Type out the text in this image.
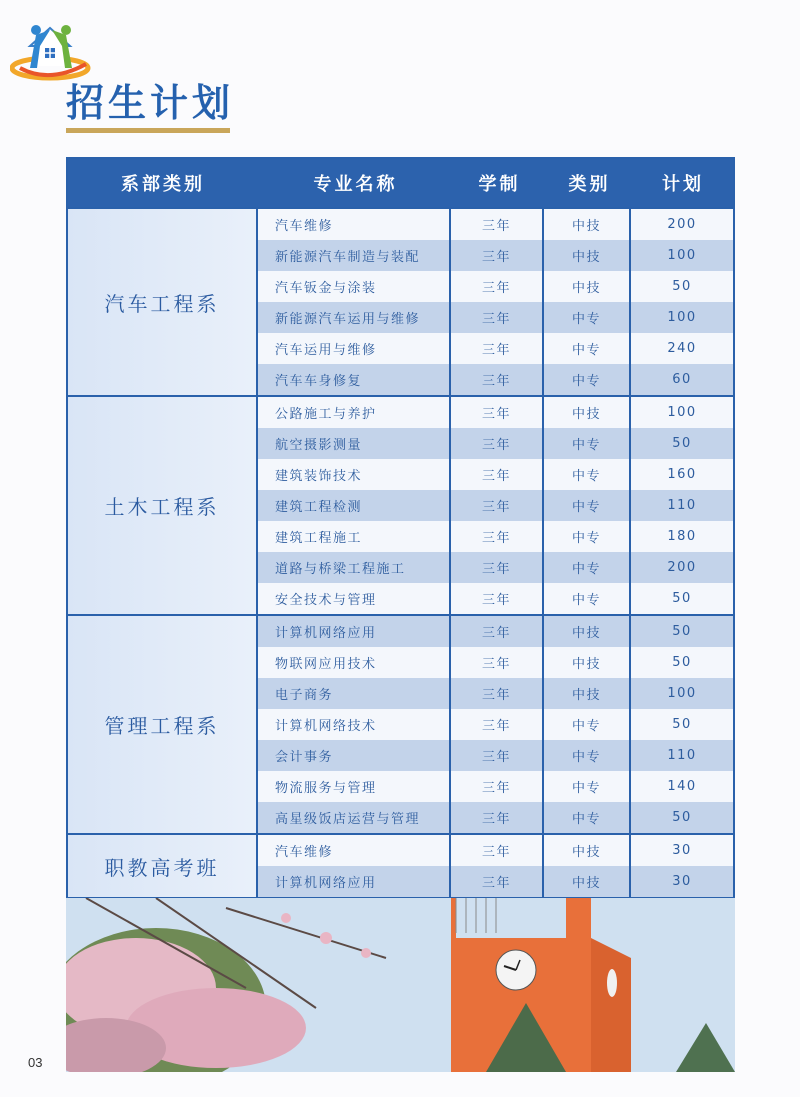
招生计划
系部类别	专业名称	学制	类别	计划
汽车工程系
汽车维修	三年	中技	200
新能源汽车制造与装配	三年	中技	100
汽车钣金与涂装	三年	中技	50
新能源汽车运用与维修	三年	中专	100
汽车运用与维修	三年	中专	240
汽车车身修复	三年	中专	60
土木工程系
公路施工与养护	三年	中技	100
航空摄影测量	三年	中专	50
建筑装饰技术	三年	中专	160
建筑工程检测	三年	中专	110
建筑工程施工	三年	中专	180
道路与桥梁工程施工	三年	中专	200
安全技术与管理	三年	中专	50
管理工程系
计算机网络应用	三年	中技	50
物联网应用技术	三年	中技	50
电子商务	三年	中技	100
计算机网络技术	三年	中专	50
会计事务	三年	中专	110
物流服务与管理	三年	中专	140
高星级饭店运营与管理	三年	中专	50
职教高考班
汽车维修	三年	中技	30
计算机网络应用	三年	中技	30
03
